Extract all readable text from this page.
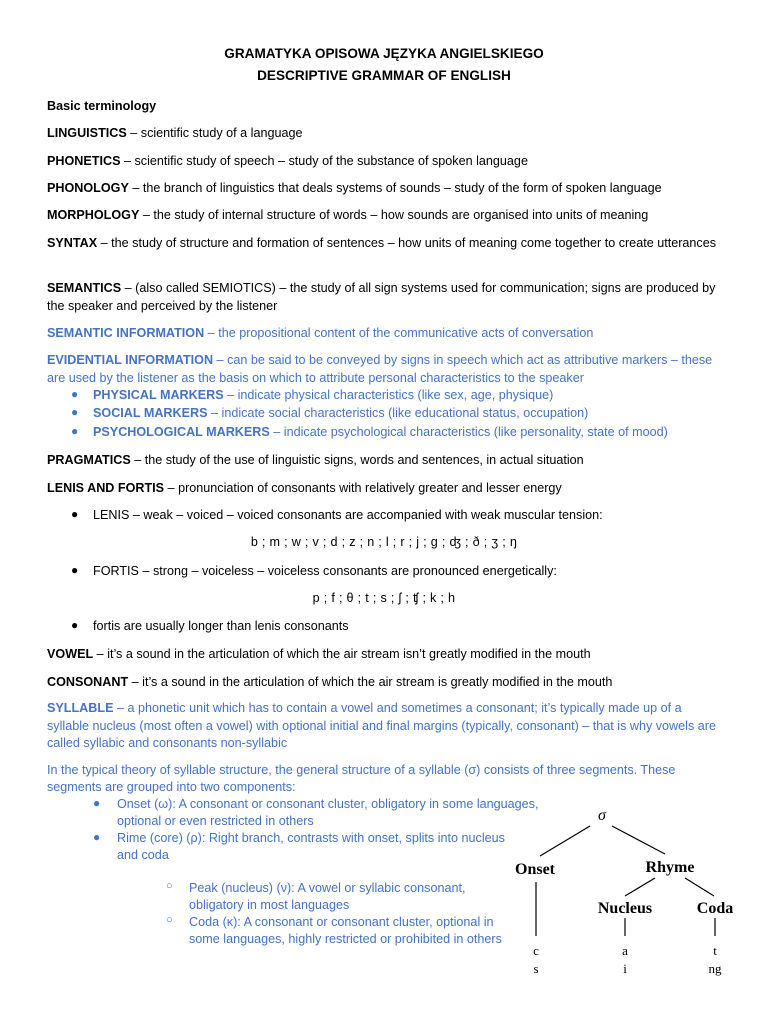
GRAMATYKA OPISOWA JĘZYKA ANGIELSKIEGO
DESCRIPTIVE GRAMMAR OF ENGLISH
Basic terminology
LINGUISTICS – scientific study of a language
PHONETICS – scientific study of speech – study of the substance of spoken language
PHONOLOGY – the branch of linguistics that deals systems of sounds – study of the form of spoken language
MORPHOLOGY – the study of internal structure of words – how sounds are organised into units of meaning
SYNTAX – the study of structure and formation of sentences – how units of meaning come together to create utterances
SEMANTICS – (also called SEMIOTICS) – the study of all sign systems used for communication; signs are produced by the speaker and perceived by the listener
SEMANTIC INFORMATION – the propositional content of the communicative acts of conversation
EVIDENTIAL INFORMATION – can be said to be conveyed by signs in speech which act as attributive markers – these are used by the listener as the basis on which to attribute personal characteristics to the speaker
● PHYSICAL MARKERS – indicate physical characteristics (like sex, age, physique)
● SOCIAL MARKERS – indicate social characteristics (like educational status, occupation)
● PSYCHOLOGICAL MARKERS – indicate psychological characteristics (like personality, state of mood)
PRAGMATICS – the study of the use of linguistic signs, words and sentences, in actual situation
LENIS AND FORTIS – pronunciation of consonants with relatively greater and lesser energy
● LENIS – weak – voiced – voiced consonants are accompanied with weak muscular tension:
b ; m ; w ; v ; d ; z ; n ; l ; r ; j ; g ; ʤ ; ð ; ʒ ; ŋ
● FORTIS – strong – voiceless – voiceless consonants are pronounced energetically:
p ; f ; θ ; t ; s ; ʃ ; ʧ ; k ; h
● fortis are usually longer than lenis consonants
VOWEL – it’s a sound in the articulation of which the air stream isn’t greatly modified in the mouth
CONSONANT – it’s a sound in the articulation of which the air stream is greatly modified in the mouth
SYLLABLE – a phonetic unit which has to contain a vowel and sometimes a consonant; it’s typically made up of a syllable nucleus (most often a vowel) with optional initial and final margins (typically, consonant) – that is why vowels are called syllabic and consonants non-syllabic
In the typical theory of syllable structure, the general structure of a syllable (σ) consists of three segments. These segments are grouped into two components:
● Onset (ω): A consonant or consonant cluster, obligatory in some languages,
optional or even restricted in others
● Rime (core) (ρ): Right branch, contrasts with onset, splits into nucleus
and coda
○ Peak (nucleus) (ν): A vowel or syllabic consonant,
obligatory in most languages
○ Coda (κ): A consonant or consonant cluster, optional in
some languages, highly restricted or prohibited in others
σ
Onset	Rhyme
Nucleus	Coda
c
s
a
i
t
ng
